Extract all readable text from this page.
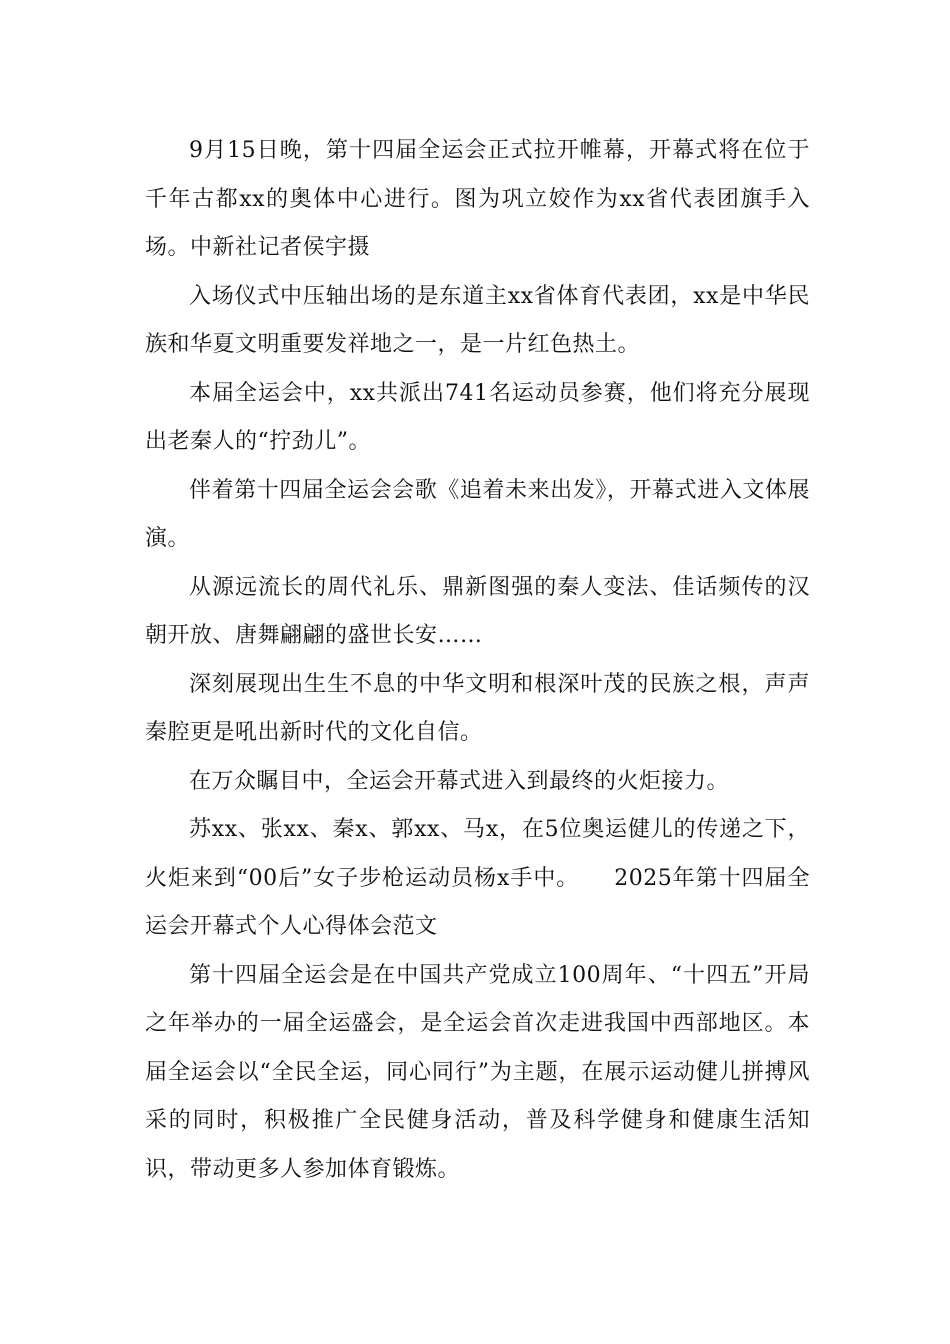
9月15日晚，第十四届全运会正式拉开帷幕，开幕式将在位于千年古都xx的奥体中心进行。图为巩立姣作为xx省代表团旗手入场。中新社记者侯宇摄

入场仪式中压轴出场的是东道主xx省体育代表团，xx是中华民族和华夏文明重要发祥地之一，是一片红色热土。

本届全运会中，xx共派出741名运动员参赛，他们将充分展现出老秦人的“拧劲儿”。

伴着第十四届全运会会歌《追着未来出发》，开幕式进入文体展演。

从源远流长的周代礼乐、鼎新图强的秦人变法、佳话频传的汉朝开放、唐舞翩翩的盛世长安……

深刻展现出生生不息的中华文明和根深叶茂的民族之根，声声秦腔更是吼出新时代的文化自信。

在万众瞩目中，全运会开幕式进入到最终的火炬接力。

苏xx、张xx、秦x、郭xx、马x，在5位奥运健儿的传递之下，火炬来到“00后”女子步枪运动员杨x手中。　　2025年第十四届全运会开幕式个人心得体会范文

第十四届全运会是在中国共产党成立100周年、“十四五”开局之年举办的一届全运盛会，是全运会首次走进我国中西部地区。本届全运会以“全民全运，同心同行”为主题，在展示运动健儿拼搏风采的同时，积极推广全民健身活动，普及科学健身和健康生活知识，带动更多人参加体育锻炼。
